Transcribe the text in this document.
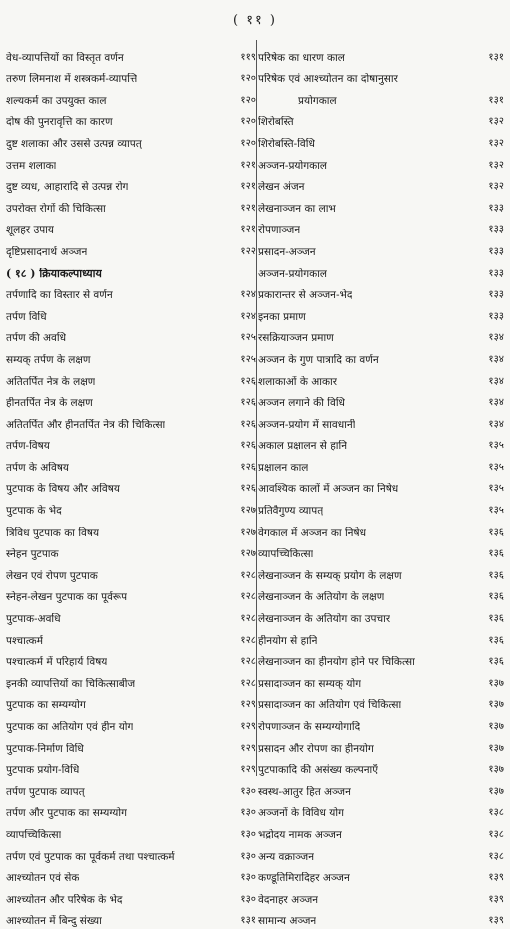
( ११ )
वेध-व्यापत्तियों का विस्तृत वर्णन	११९
तरुण लिमनाश में शस्त्रकर्म-व्यापत्ति	१२०
शल्यकर्म का उपयुक्त काल	१२०
दोष की पुनरावृत्ति का कारण	१२०
दुष्ट शलाका और उससे उत्पन्न व्यापत्	१२०
उत्तम शलाका	१२१
दुष्ट व्यध, आहारादि से उत्पन्न रोग	१२१
उपरोक्त रोगों की चिकित्सा	१२१
शूलहर उपाय	१२१
दृष्टिप्रसादनार्थ अञ्जन	१२२
( १८ ) क्रियाकल्पाध्याय
तर्पणादि का विस्तार से वर्णन	१२४
तर्पण विधि	१२४
तर्पण की अवधि	१२५
सम्यक् तर्पण के लक्षण	१२५
अतितर्पित नेत्र के लक्षण	१२६
हीनतर्पित नेत्र के लक्षण	१२६
अतितर्पित और हीनतर्पित नेत्र की चिकित्सा	१२६
तर्पण-विषय	१२६
तर्पण के अविषय	१२६
पुटपाक के विषय और अविषय	१२६
पुटपाक के भेद	१२७
त्रिविध पुटपाक का विषय	१२७
स्नेहन पुटपाक	१२७
लेखन एवं रोपण पुटपाक	१२८
स्नेहन-लेखन पुटपाक का पूर्वरूप	१२८
पुटपाक-अवधि	१२८
पश्चात्कर्म	१२८
पश्चात्कर्म में परिहार्य विषय	१२८
इनकी व्यापत्तियों का चिकित्साबीज	१२८
पुटपाक का सम्यग्योग	१२९
पुटपाक का अतियोग एवं हीन योग	१२९
पुटपाक-निर्माण विधि	१२९
पुटपाक प्रयोग-विधि	१२९
तर्पण पुटपाक व्यापत्	१३०
तर्पण और पुटपाक का सम्यग्योग	१३०
व्यापच्चिकित्सा	१३०
तर्पण एवं पुटपाक का पूर्वकर्म तथा पश्चात्कर्म	१३०
आश्च्योतन एवं सेक	१३०
आश्च्योतन और परिषेक के भेद	१३०
आश्च्योतन में बिन्दु संख्या	१३१
परिषेक का धारण काल	१३१
परिषेक एवं आश्च्योतन का दोषानुसार
प्रयोगकाल	१३१
शिरोबस्ति	१३२
शिरोबस्ति-विधि	१३२
अञ्जन-प्रयोगकाल	१३२
लेखन अंजन	१३२
लेखनाञ्जन का लाभ	१३३
रोपणाञ्जन	१३३
प्रसादन-अञ्जन	१३३
अञ्जन-प्रयोगकाल	१३३
प्रकारान्तर से अञ्जन-भेद	१३३
इनका प्रमाण	१३३
रसक्रियाञ्जन प्रमाण	१३४
अञ्जन के गुण पात्रादि का वर्णन	१३४
शलाकाओं के आकार	१३४
अञ्जन लगाने की विधि	१३४
अञ्जन-प्रयोग में सावधानी	१३४
अकाल प्रक्षालन से हानि	१३५
प्रक्षालन काल	१३५
आवश्यिक कालों में अञ्जन का निषेध	१३५
प्रतिवैगुण्य व्यापत्	१३५
वेगकाल में अञ्जन का निषेध	१३६
व्यापच्चिकित्सा	१३६
लेखनाञ्जन के सम्यक् प्रयोग के लक्षण	१३६
लेखनाञ्जन के अतियोग के लक्षण	१३६
लेखनाञ्जन के अतियोग का उपचार	१३६
हीनयोग से हानि	१३६
लेखनाञ्जन का हीनयोग होने पर चिकित्सा	१३६
प्रसादाञ्जन का सम्यक् योग	१३७
प्रसादाञ्जन का अतियोग एवं चिकित्सा	१३७
रोपणाञ्जन के सम्यग्योगादि	१३७
प्रसादन और रोपण का हीनयोग	१३७
पुटपाकादि की असंख्य कल्पनाएँ	१३७
स्वस्थ-आतुर हित अञ्जन	१३७
अञ्जनों के विविध योग	१३८
भद्रोदय नामक अञ्जन	१३८
अन्य वक्राञ्जन	१३८
कण्डूतिमिरादिहर अञ्जन	१३९
वेदनाहर अञ्जन	१३९
सामान्य अञ्जन	१३९
